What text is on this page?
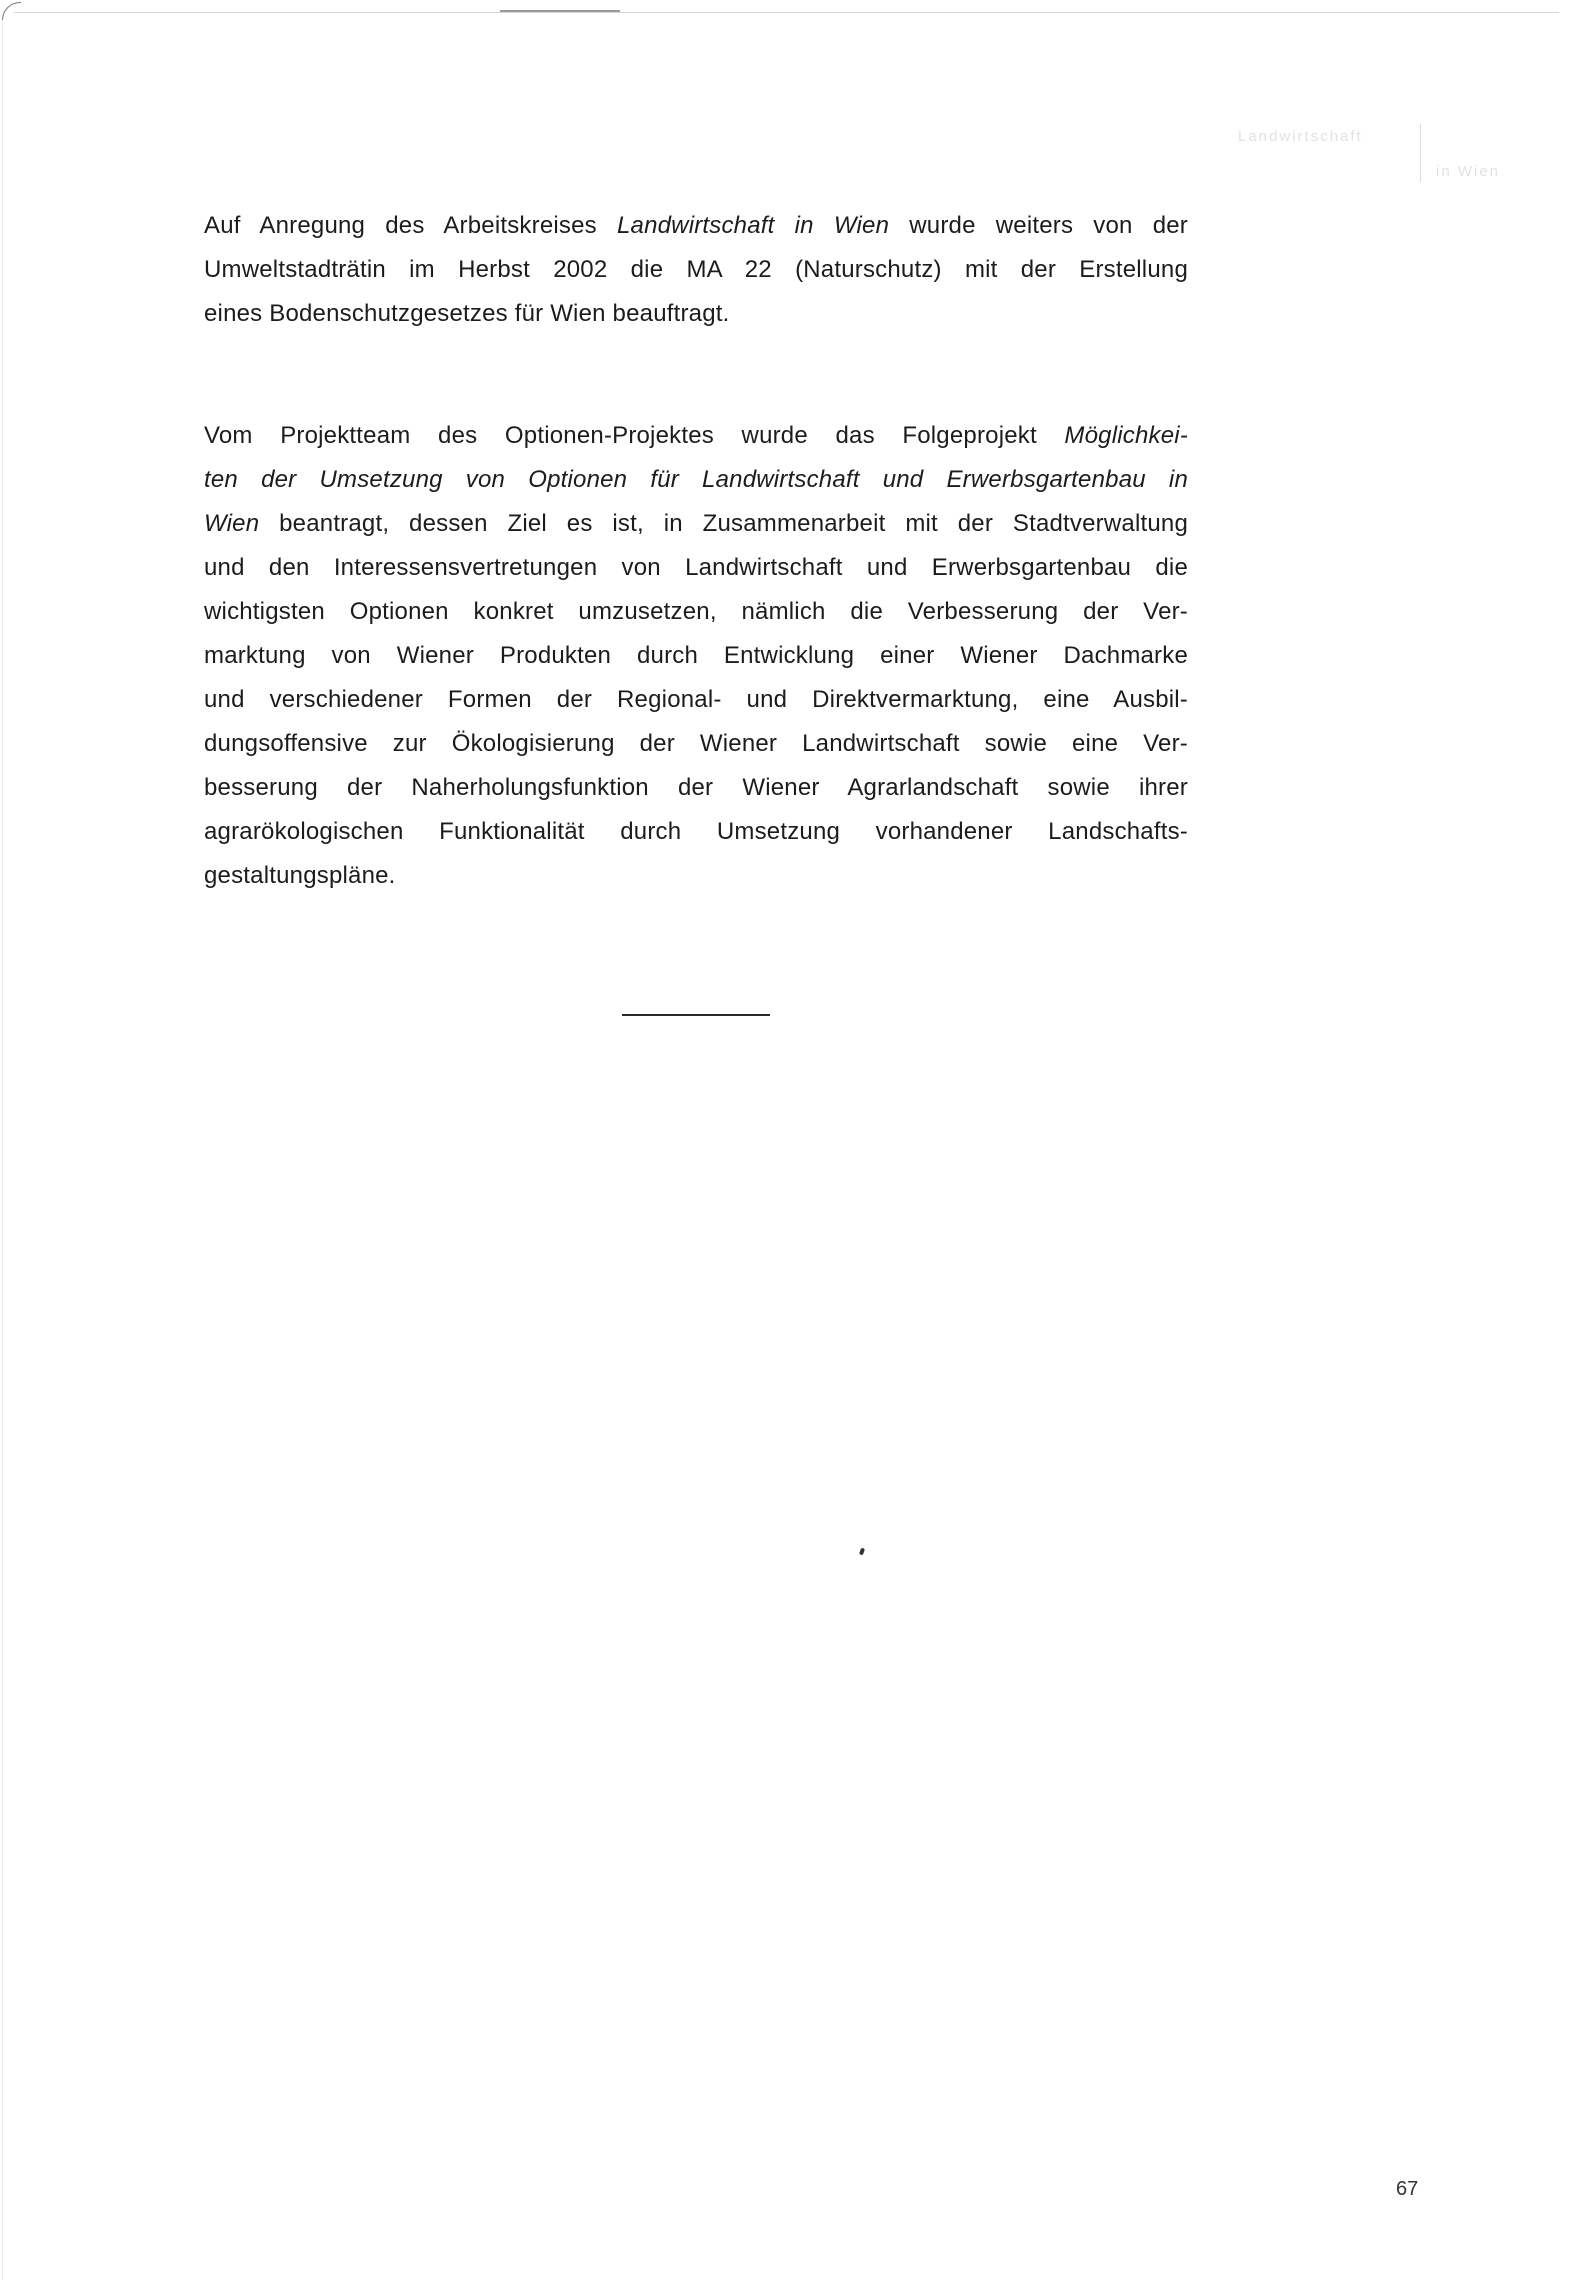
Landwirtschaft
in Wien

Auf Anregung des Arbeitskreises Landwirtschaft in Wien wurde weiters von der

Umweltstadträtin im Herbst 2002 die MA 22 (Naturschutz) mit der Erstellung

eines Bodenschutzgesetzes für Wien beauftragt.

Vom Projektteam des Optionen-Projektes wurde das Folgeprojekt Möglichkei-

ten der Umsetzung von Optionen für Landwirtschaft und Erwerbsgartenbau in

Wien beantragt, dessen Ziel es ist, in Zusammenarbeit mit der Stadtverwaltung

und den Interessensvertretungen von Landwirtschaft und Erwerbsgartenbau die

wichtigsten Optionen konkret umzusetzen, nämlich die Verbesserung der Ver-

marktung von Wiener Produkten durch Entwicklung einer Wiener Dachmarke

und verschiedener Formen der Regional- und Direktvermarktung, eine Ausbil-

dungsoffensive zur Ökologisierung der Wiener Landwirtschaft sowie eine Ver-

besserung der Naherholungsfunktion der Wiener Agrarlandschaft sowie ihrer

agrarökologischen Funktionalität durch Umsetzung vorhandener Landschafts-

gestaltungspläne.

67
